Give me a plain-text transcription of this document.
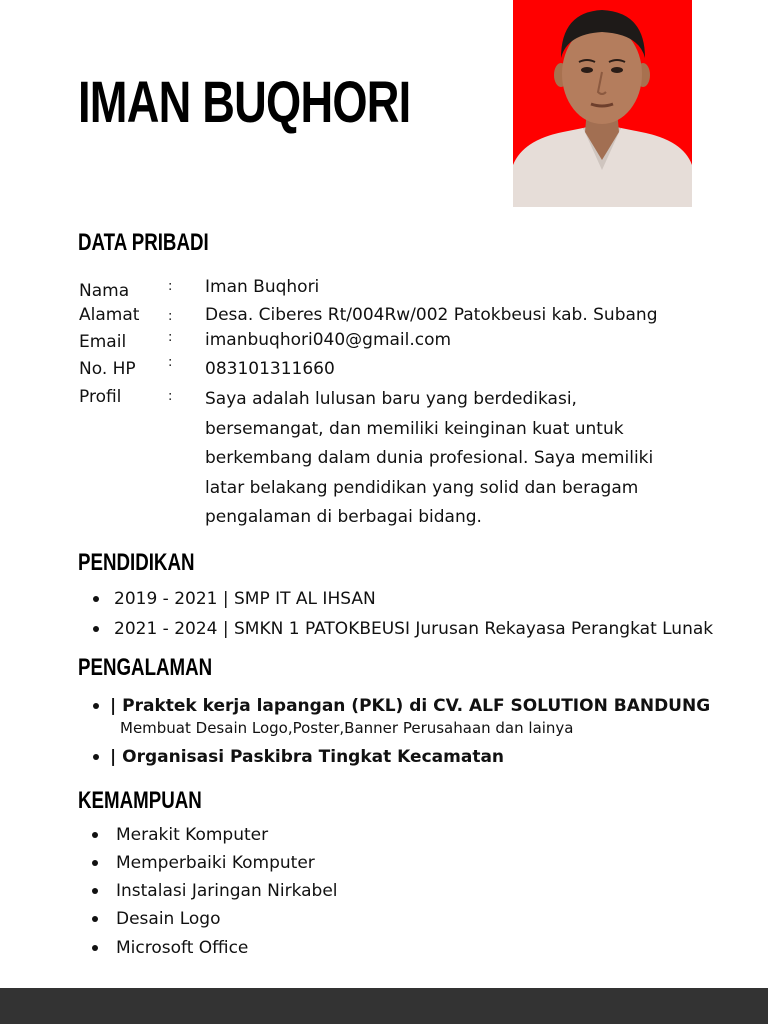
IMAN BUQHORI
DATA PRIBADI
Nama	: Iman Buqhori
Alamat : Desa. Ciberes Rt/004Rw/002 Patokbeusi kab. Subang
Email	: imanbuqhori040@gmail.com
No. HP : 083101311660
Profil	: Saya adalah lulusan baru yang berdedikasi, bersemangat, dan memiliki keinginan kuat untuk berkembang dalam dunia profesional. Saya memiliki latar belakang pendidikan yang solid dan beragam pengalaman di berbagai bidang.

PENDIDIKAN
2019 - 2021 | SMP IT AL IHSAN
2021 - 2024 | SMKN 1 PATOKBEUSI Jurusan Rekayasa Perangkat Lunak
PENGALAMAN
| Praktek kerja lapangan (PKL) di CV. ALF SOLUTION BANDUNG
Membuat Desain Logo,Poster,Banner Perusahaan dan lainya
| Organisasi Paskibra Tingkat Kecamatan
KEMAMPUAN
Merakit Komputer
Memperbaiki Komputer
Instalasi Jaringan Nirkabel
Desain Logo
Microsoft Office
